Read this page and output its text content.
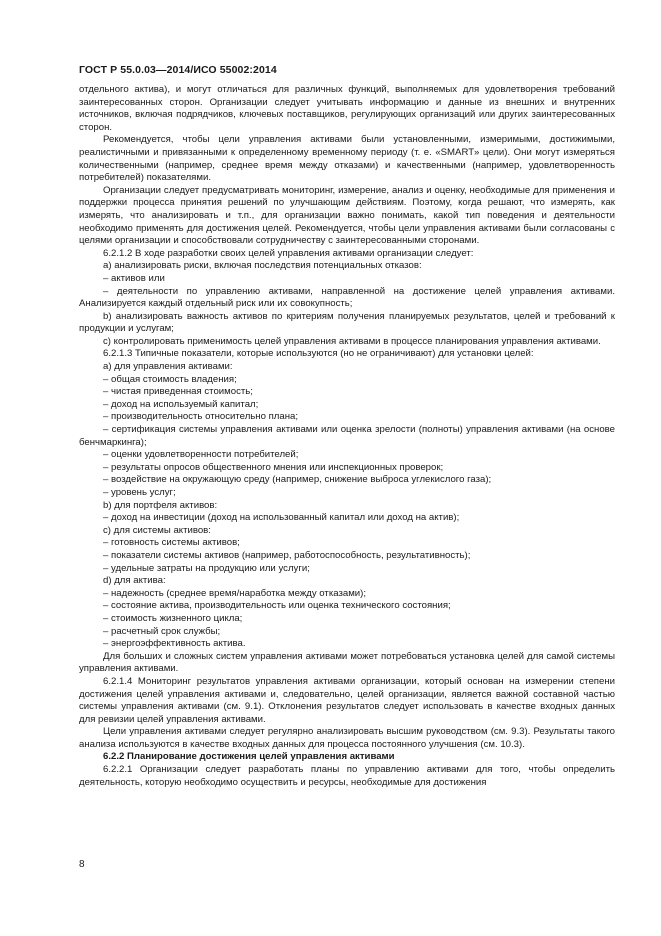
ГОСТ Р 55.0.03—2014/ИСО 55002:2014

отдельного актива), и могут отличаться для различных функций, выполняемых для удовлетворения требований заинтересованных сторон. Организации следует учитывать информацию и данные из внешних и внутренних источников, включая подрядчиков, ключевых поставщиков, регулирующих организаций или других заинтересованных сторон.

Рекомендуется, чтобы цели управления активами были установленными, измеримыми, достижимыми, реалистичными и привязанными к определенному временному периоду (т. е. «SMART» цели). Они могут измеряться количественными (например, среднее время между отказами) и качественными (например, удовлетворенность потребителей) показателями.

Организации следует предусматривать мониторинг, измерение, анализ и оценку, необходимые для применения и поддержки процесса принятия решений по улучшающим действиям. Поэтому, когда решают, что измерять, как измерять, что анализировать и т.п., для организации важно понимать, какой тип поведения и деятельности необходимо применять для достижения целей. Рекомендуется, чтобы цели управления активами были согласованы с целями организации и способствовали сотрудничеству с заинтересованными сторонами.

6.2.1.2 В ходе разработки своих целей управления активами организации следует:

a) анализировать риски, включая последствия потенциальных отказов:

– активов или

– деятельности по управлению активами, направленной на достижение целей управления активами. Анализируется каждый отдельный риск или их совокупность;

b) анализировать важность активов по критериям получения планируемых результатов, целей и требований к продукции и услугам;

c) контролировать применимость целей управления активами в процессе планирования управления активами.

6.2.1.3 Типичные показатели, которые используются (но не ограничивают) для установки целей:

a) для управления активами:

– общая стоимость владения;

– чистая приведенная стоимость;

– доход на используемый капитал;

– производительность относительно плана;

– сертификация системы управления активами или оценка зрелости (полноты) управления активами (на основе бенчмаркинга);

– оценки удовлетворенности потребителей;

– результаты опросов общественного мнения или инспекционных проверок;

– воздействие на окружающую среду (например, снижение выброса углекислого газа);

– уровень услуг;

b) для портфеля активов:

– доход на инвестиции (доход на использованный капитал или доход на актив);

c) для системы активов:

– готовность системы активов;

– показатели системы активов (например, работоспособность, результативность);

– удельные затраты на продукцию или услуги;

d) для актива:

– надежность (среднее время/наработка между отказами);

– состояние актива, производительность или оценка технического состояния;

– стоимость жизненного цикла;

– расчетный срок службы;

– энергоэффективность актива.

Для больших и сложных систем управления активами может потребоваться установка целей для самой системы управления активами.

6.2.1.4 Мониторинг результатов управления активами организации, который основан на измерении степени достижения целей управления активами и, следовательно, целей организации, является важной составной частью системы управления активами (см. 9.1). Отклонения результатов следует использовать в качестве входных данных для ревизии целей управления активами.

Цели управления активами следует регулярно анализировать высшим руководством (см. 9.3). Результаты такого анализа используются в качестве входных данных для процесса постоянного улучшения (см. 10.3).

6.2.2 Планирование достижения целей управления активами

6.2.2.1 Организации следует разработать планы по управлению активами для того, чтобы определить деятельность, которую необходимо осуществить и ресурсы, необходимые для достижения

8
